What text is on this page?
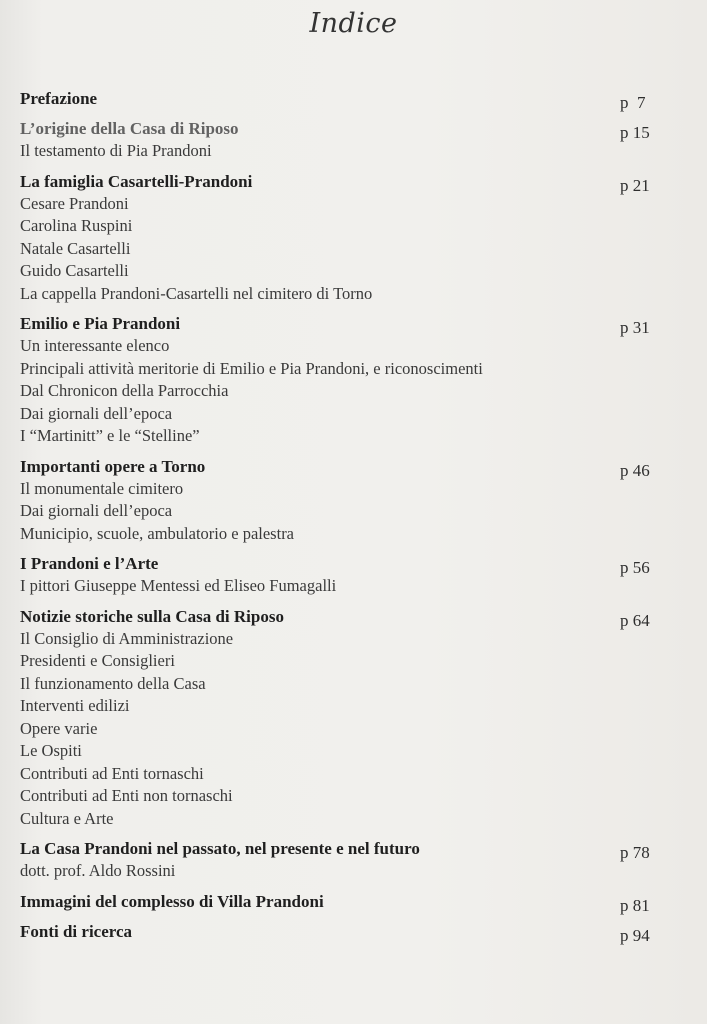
Indice
Prefazione	p  7
L’origine della Casa di Riposo	p 15
Il testamento di Pia Prandoni
La famiglia Casartelli-Prandoni	p 21
Cesare Prandoni
Carolina Ruspini
Natale Casartelli
Guido Casartelli
La cappella Prandoni-Casartelli nel cimitero di Torno
Emilio e Pia Prandoni	p 31
Un interessante elenco
Principali attività meritorie di Emilio e Pia Prandoni, e riconoscimenti
Dal Chronicon della Parrocchia
Dai giornali dell’epoca
I “Martinitt” e le “Stelline”
Importanti opere a Torno	p 46
Il monumentale cimitero
Dai giornali dell’epoca
Municipio, scuole, ambulatorio e palestra
I Prandoni e l’Arte	p 56
I pittori Giuseppe Mentessi ed Eliseo Fumagalli
Notizie storiche sulla Casa di Riposo	p 64
Il Consiglio di Amministrazione
Presidenti e Consiglieri
Il funzionamento della Casa
Interventi edilizi
Opere varie
Le Ospiti
Contributi ad Enti tornaschi
Contributi ad Enti non tornaschi
Cultura e Arte
La Casa Prandoni nel passato, nel presente e nel futuro	p 78
dott. prof. Aldo Rossini
Immagini del complesso di Villa Prandoni	p 81
Fonti di ricerca	p 94
